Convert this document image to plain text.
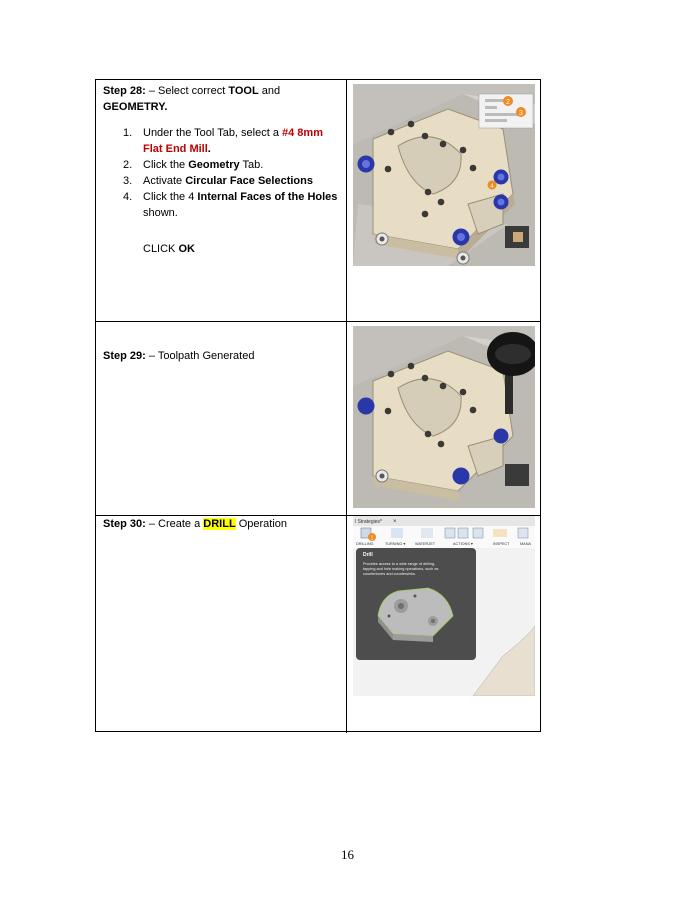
Step 28: – Select correct TOOL and
GEOMETRY.
1. Under the Tool Tab, select a #4 8mm
Flat End Mill.
2. Click the Geometry Tab.
3. Activate Circular Face Selections
4. Click the 4 Internal Faces of the Holes
shown.
CLICK OK
2
3
4
Step 29: – Toolpath Generated
Step 30: – Create a DRILL Operation	l Strategies* ×
DRILLING	TURNING ▾	WATERJET	ACTIONS ▾	INSPECT	MANA
1
Drill
Provides access to a wide range of drilling,
tapping and hole making operations, such as
counterbores and countersinks.
16
